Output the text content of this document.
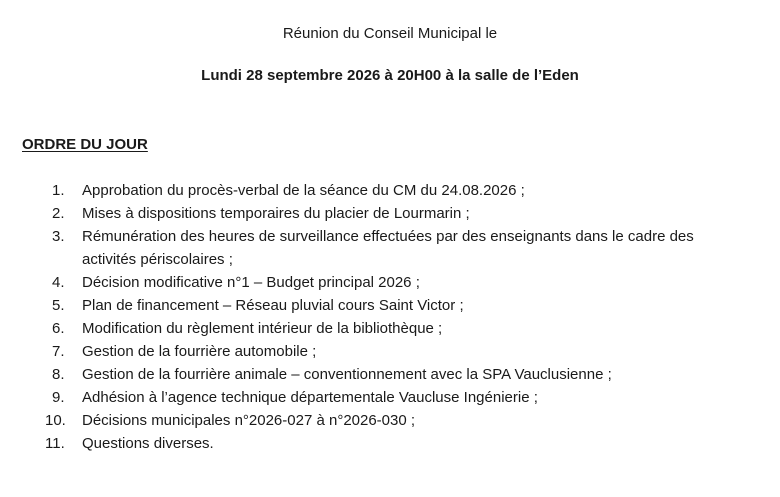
Réunion du Conseil Municipal le
Lundi 28 septembre 2026 à 20H00 à la salle de l’Eden
ORDRE DU JOUR
1.	Approbation du procès-verbal de la séance du CM du 24.08.2026 ;
2.	Mises à dispositions temporaires du placier de Lourmarin ;
3.	Rémunération des heures de surveillance effectuées par des enseignants dans le cadre des
activités périscolaires ;
4.	Décision modificative n°1 – Budget principal 2026 ;
5.	Plan de financement – Réseau pluvial cours Saint Victor ;
6.	Modification du règlement intérieur de la bibliothèque ;
7.	Gestion de la fourrière automobile ;
8.	Gestion de la fourrière animale – conventionnement avec la SPA Vauclusienne ;
9.	Adhésion à l’agence technique départementale Vaucluse Ingénierie ;
10. Décisions municipales n°2026-027 à n°2026-030 ;
11. Questions diverses.
